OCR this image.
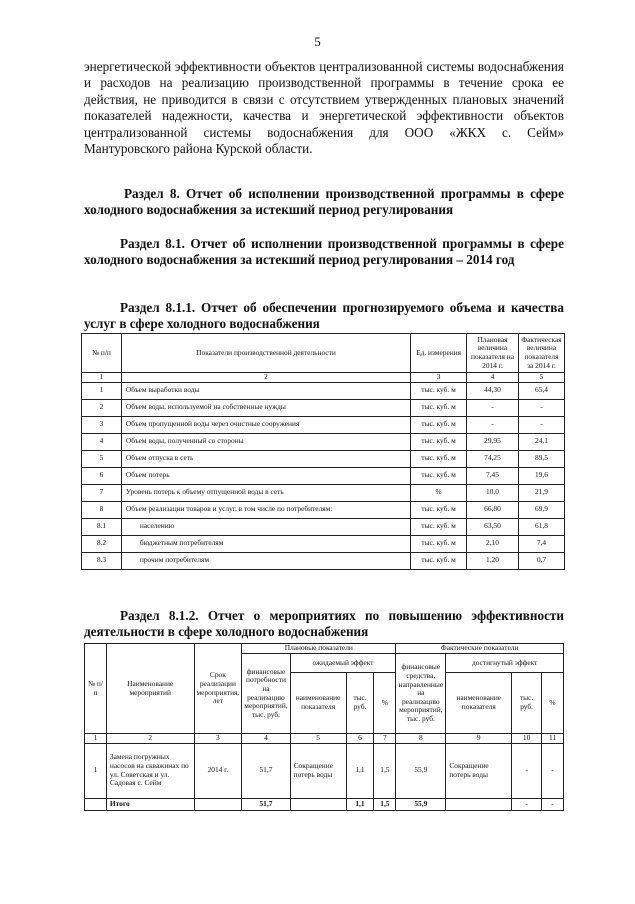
5
энергетической эффективности объектов централизованной системы водоснабжения и расходов на реализацию производственной программы в течение срока ее действия, не приводится в связи с отсутствием утвержденных плановых значений показателей надежности, качества и энергетической эффективности объектов централизованной системы водоснабжения для ООО «ЖКХ с. Сейм» Мантуровского района Курской области.
Раздел 8. Отчет об исполнении производственной программы в сфере холодного водоснабжения за истекший период регулирования
Раздел 8.1. Отчет об исполнении производственной программы в сфере холодного водоснабжения за истекший период регулирования – 2014 год
Раздел 8.1.1. Отчет об обеспечении прогнозируемого объема и качества услуг в сфере холодного водоснабжения
№ п/п	Показатели производственной деятельности	Ед. измерения	Плановая величина показателя на 2014 г.	Фактическая величина показателя за 2014 г.
1	2	3	4	5
1	Объем выработки воды	тыс. куб. м	44,30	65,4
2	Объем воды, используемой на собственные нужды	тыс. куб. м	-	-
3	Объем пропущенной воды через очистные сооружения	тыс. куб. м	-	-
4	Объем воды, полученный со стороны	тыс. куб. м	29,95	24,1
5	Объем отпуска в сеть	тыс. куб. м	74,25	89,5
6	Объем потерь	тыс. куб. м	7,45	19,6
7	Уровень потерь к объему отпущенной воды в сеть	%	10,0	21,9
8	Объем реализации товаров и услуг, в том числе по потребителям:	тыс. куб. м	66,80	69,9
8.1	населению	тыс. куб. м	63,50	61,8
8.2	бюджетным потребителям	тыс. куб. м	2,10	7,4
8.3	прочим потребителям	тыс. куб. м	1,20	0,7
Раздел 8.1.2. Отчет о мероприятиях по повышению эффективности деятельности в сфере холодного водоснабжения
№ п/п	Наименование мероприятий	Срок реализации мероприятия, лет	Плановые показатели				Фактические показатели			
			финансовые потребности на реализацию мероприятий, тыс. руб.	ожидаемый эффект			финансовые средства, направленные на реализацию мероприятий, тыс. руб.	достигнутый эффект		
				наименование показателя	тыс. руб.	%		наименование показателя	тыс. руб.	%
1	2	3	4	5	6	7	8	9	10	11
1	Замена погружных насосов на скважинах по ул. Советская и ул. Садовая с. Сейм	2014 г.	51,7	Сокращение потерь воды	1,1	1,5	55,9	Сокращение потерь воды	-	-
	Итого		51,7		1,1	1,5	55,9		-	-
